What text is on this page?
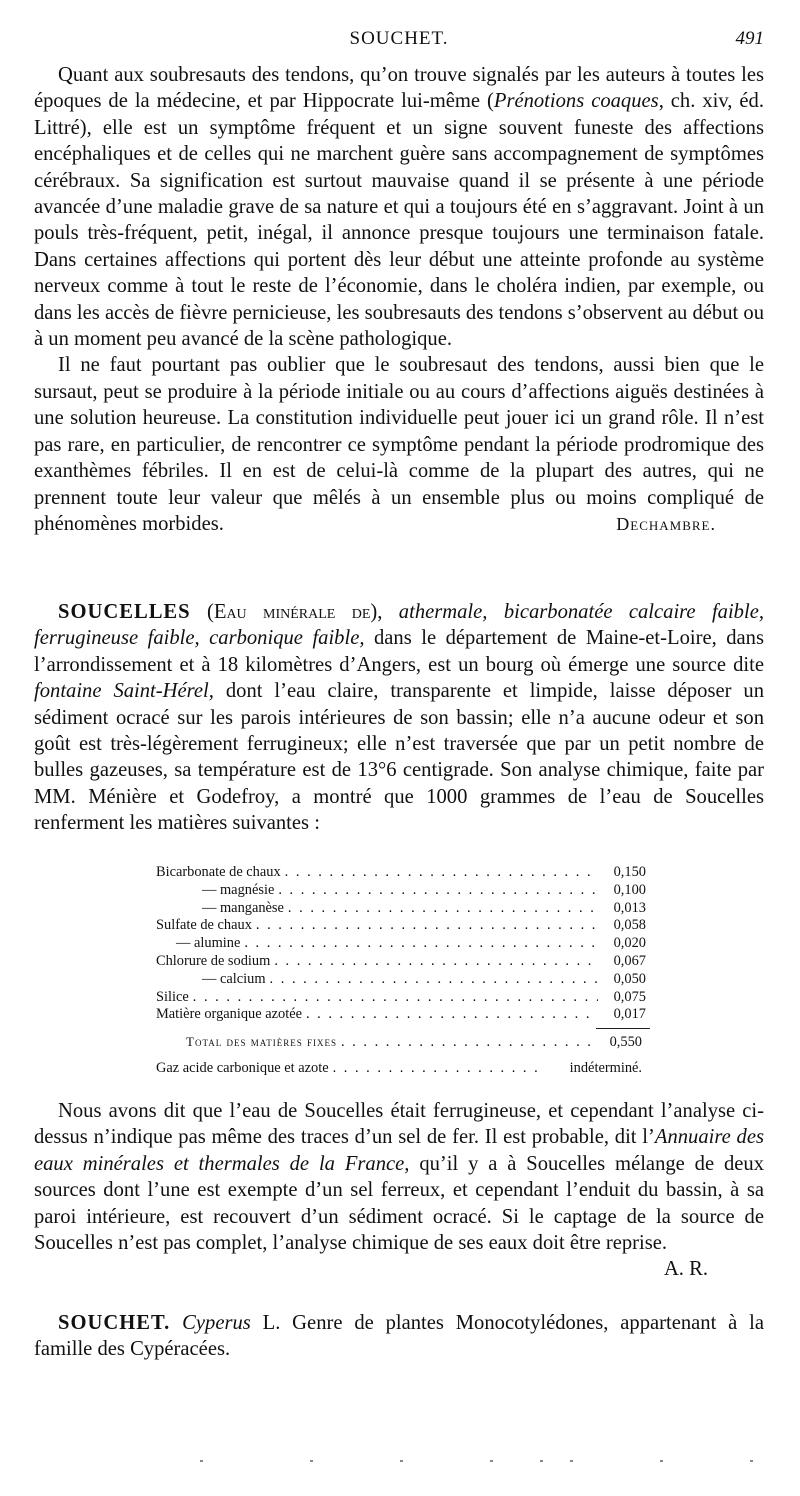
SOUCHET.	491

Quant aux soubresauts des tendons, qu’on trouve signalés par les auteurs à toutes les époques de la médecine, et par Hippocrate lui-même (Prénotions coaques, ch. xiv, éd. Littré), elle est un symptôme fréquent et un signe souvent funeste des affections encéphaliques et de celles qui ne marchent guère sans accompagnement de symptômes cérébraux. Sa signification est surtout mauvaise quand il se présente à une période avancée d’une maladie grave de sa nature et qui a toujours été en s’aggravant. Joint à un pouls très-fréquent, petit, inégal, il annonce presque toujours une terminaison fatale. Dans certaines affections qui portent dès leur début une atteinte profonde au système nerveux comme à tout le reste de l’économie, dans le choléra indien, par exemple, ou dans les accès de fièvre pernicieuse, les soubresauts des tendons s’observent au début ou à un moment peu avancé de la scène pathologique.

Il ne faut pourtant pas oublier que le soubresaut des tendons, aussi bien que le sursaut, peut se produire à la période initiale ou au cours d’affections aiguës destinées à une solution heureuse. La constitution individuelle peut jouer ici un grand rôle. Il n’est pas rare, en particulier, de rencontrer ce symptôme pendant la période prodromique des exanthèmes fébriles. Il en est de celui-là comme de la plupart des autres, qui ne prennent toute leur valeur que mêlés à un ensemble plus ou moins compliqué de phénomènes morbides.	Dechambre.

SOUCELLES (Eau minérale de), athermale, bicarbonatée calcaire faible, ferrugineuse faible, carbonique faible, dans le département de Maine-et-Loire, dans l’arrondissement et à 18 kilomètres d’Angers, est un bourg où émerge une source dite fontaine Saint-Hérel, dont l’eau claire, transparente et limpide, laisse déposer un sédiment ocracé sur les parois intérieures de son bassin; elle n’a aucune odeur et son goût est très-légèrement ferrugineux; elle n’est traversée que par un petit nombre de bulles gazeuses, sa température est de 13°6 centigrade. Son analyse chimique, faite par MM. Ménière et Godefroy, a montré que 1000 grammes de l’eau de Soucelles renferment les matières suivantes :

Bicarbonate de chaux . . .	0,150
— magnésie . . .	0,100
— manganèse . . .	0,013
Sulfate de chaux . . .	0,058
— alumine . . .	0,020
Chlorure de sodium . . .	0,067
— calcium . . .	0,050
Silice . . .	0,075
Matière organique azotée . . .	0,017
Total des matières fixes . . .	0,550
Gaz acide carbonique et azote . . .	indéterminé.

Nous avons dit que l’eau de Soucelles était ferrugineuse, et cependant l’analyse ci-dessus n’indique pas même des traces d’un sel de fer. Il est probable, dit l’Annuaire des eaux minérales et thermales de la France, qu’il y a à Soucelles mélange de deux sources dont l’une est exempte d’un sel ferreux, et cependant l’enduit du bassin, à sa paroi intérieure, est recouvert d’un sédiment ocracé. Si le captage de la source de Soucelles n’est pas complet, l’analyse chimique de ses eaux doit être reprise.
A. R.

SOUCHET. Cyperus L. Genre de plantes Monocotylédones, appartenant à la famille des Cypéracées.
